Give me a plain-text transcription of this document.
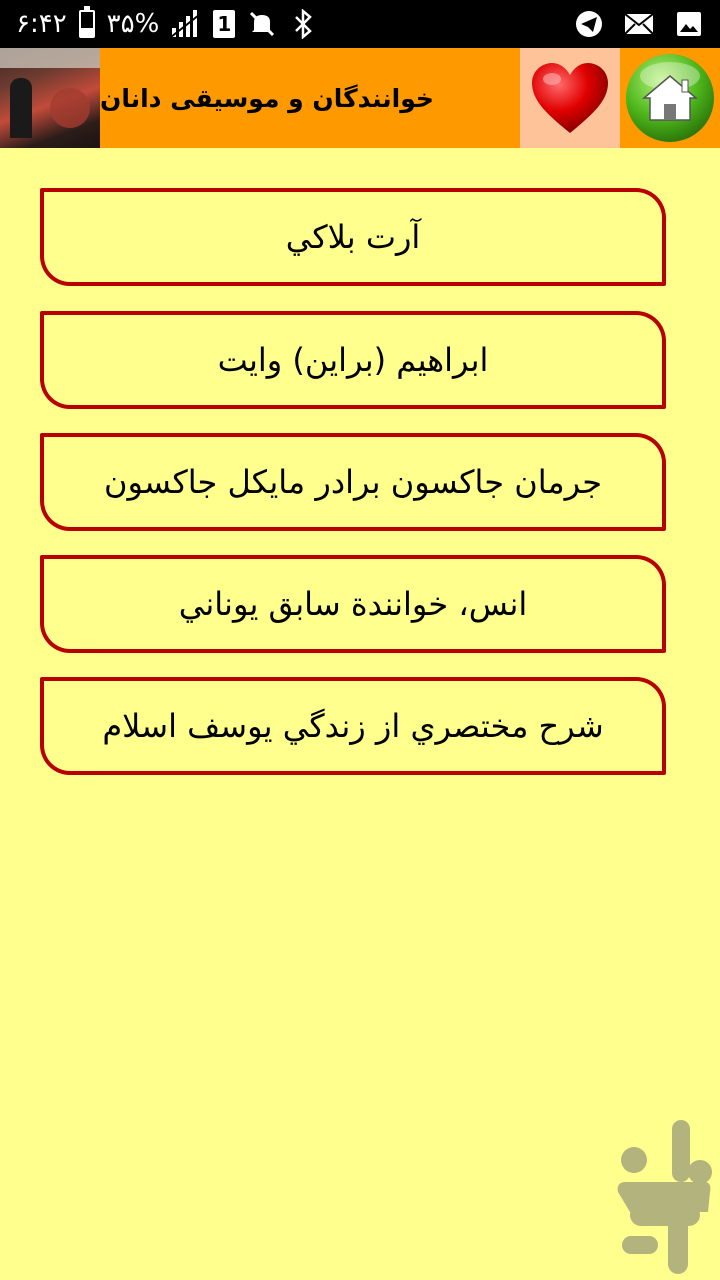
۶:۴۲ ۳۵%	1
خوانندگان و موسیقی دانان
آرت بلاكي
ابراهيم (براين) وايت
جرمان جاكسون برادر مايكل جاكسون
انس، خوانندة سابق يوناني
شرح مختصري از زندگي يوسف اسلام
